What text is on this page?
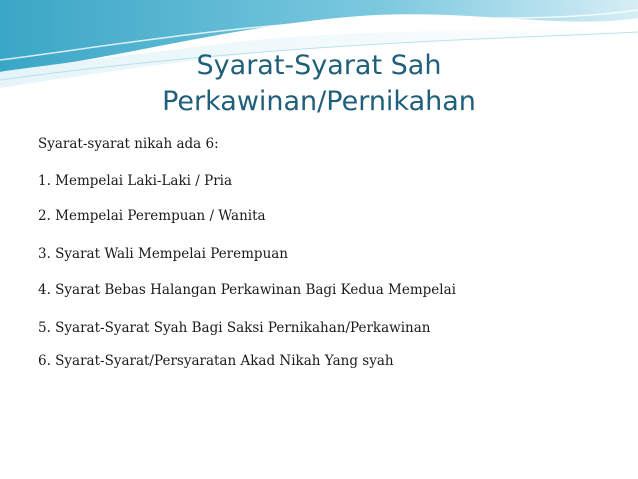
Syarat-Syarat Sah
Perkawinan/Pernikahan
Syarat-syarat nikah ada 6:
1. Mempelai Laki-Laki / Pria
2. Mempelai Perempuan / Wanita
3. Syarat Wali Mempelai Perempuan
4. Syarat Bebas Halangan Perkawinan Bagi Kedua Mempelai
5. Syarat-Syarat Syah Bagi Saksi Pernikahan/Perkawinan
6. Syarat-Syarat/Persyaratan Akad Nikah Yang syah
